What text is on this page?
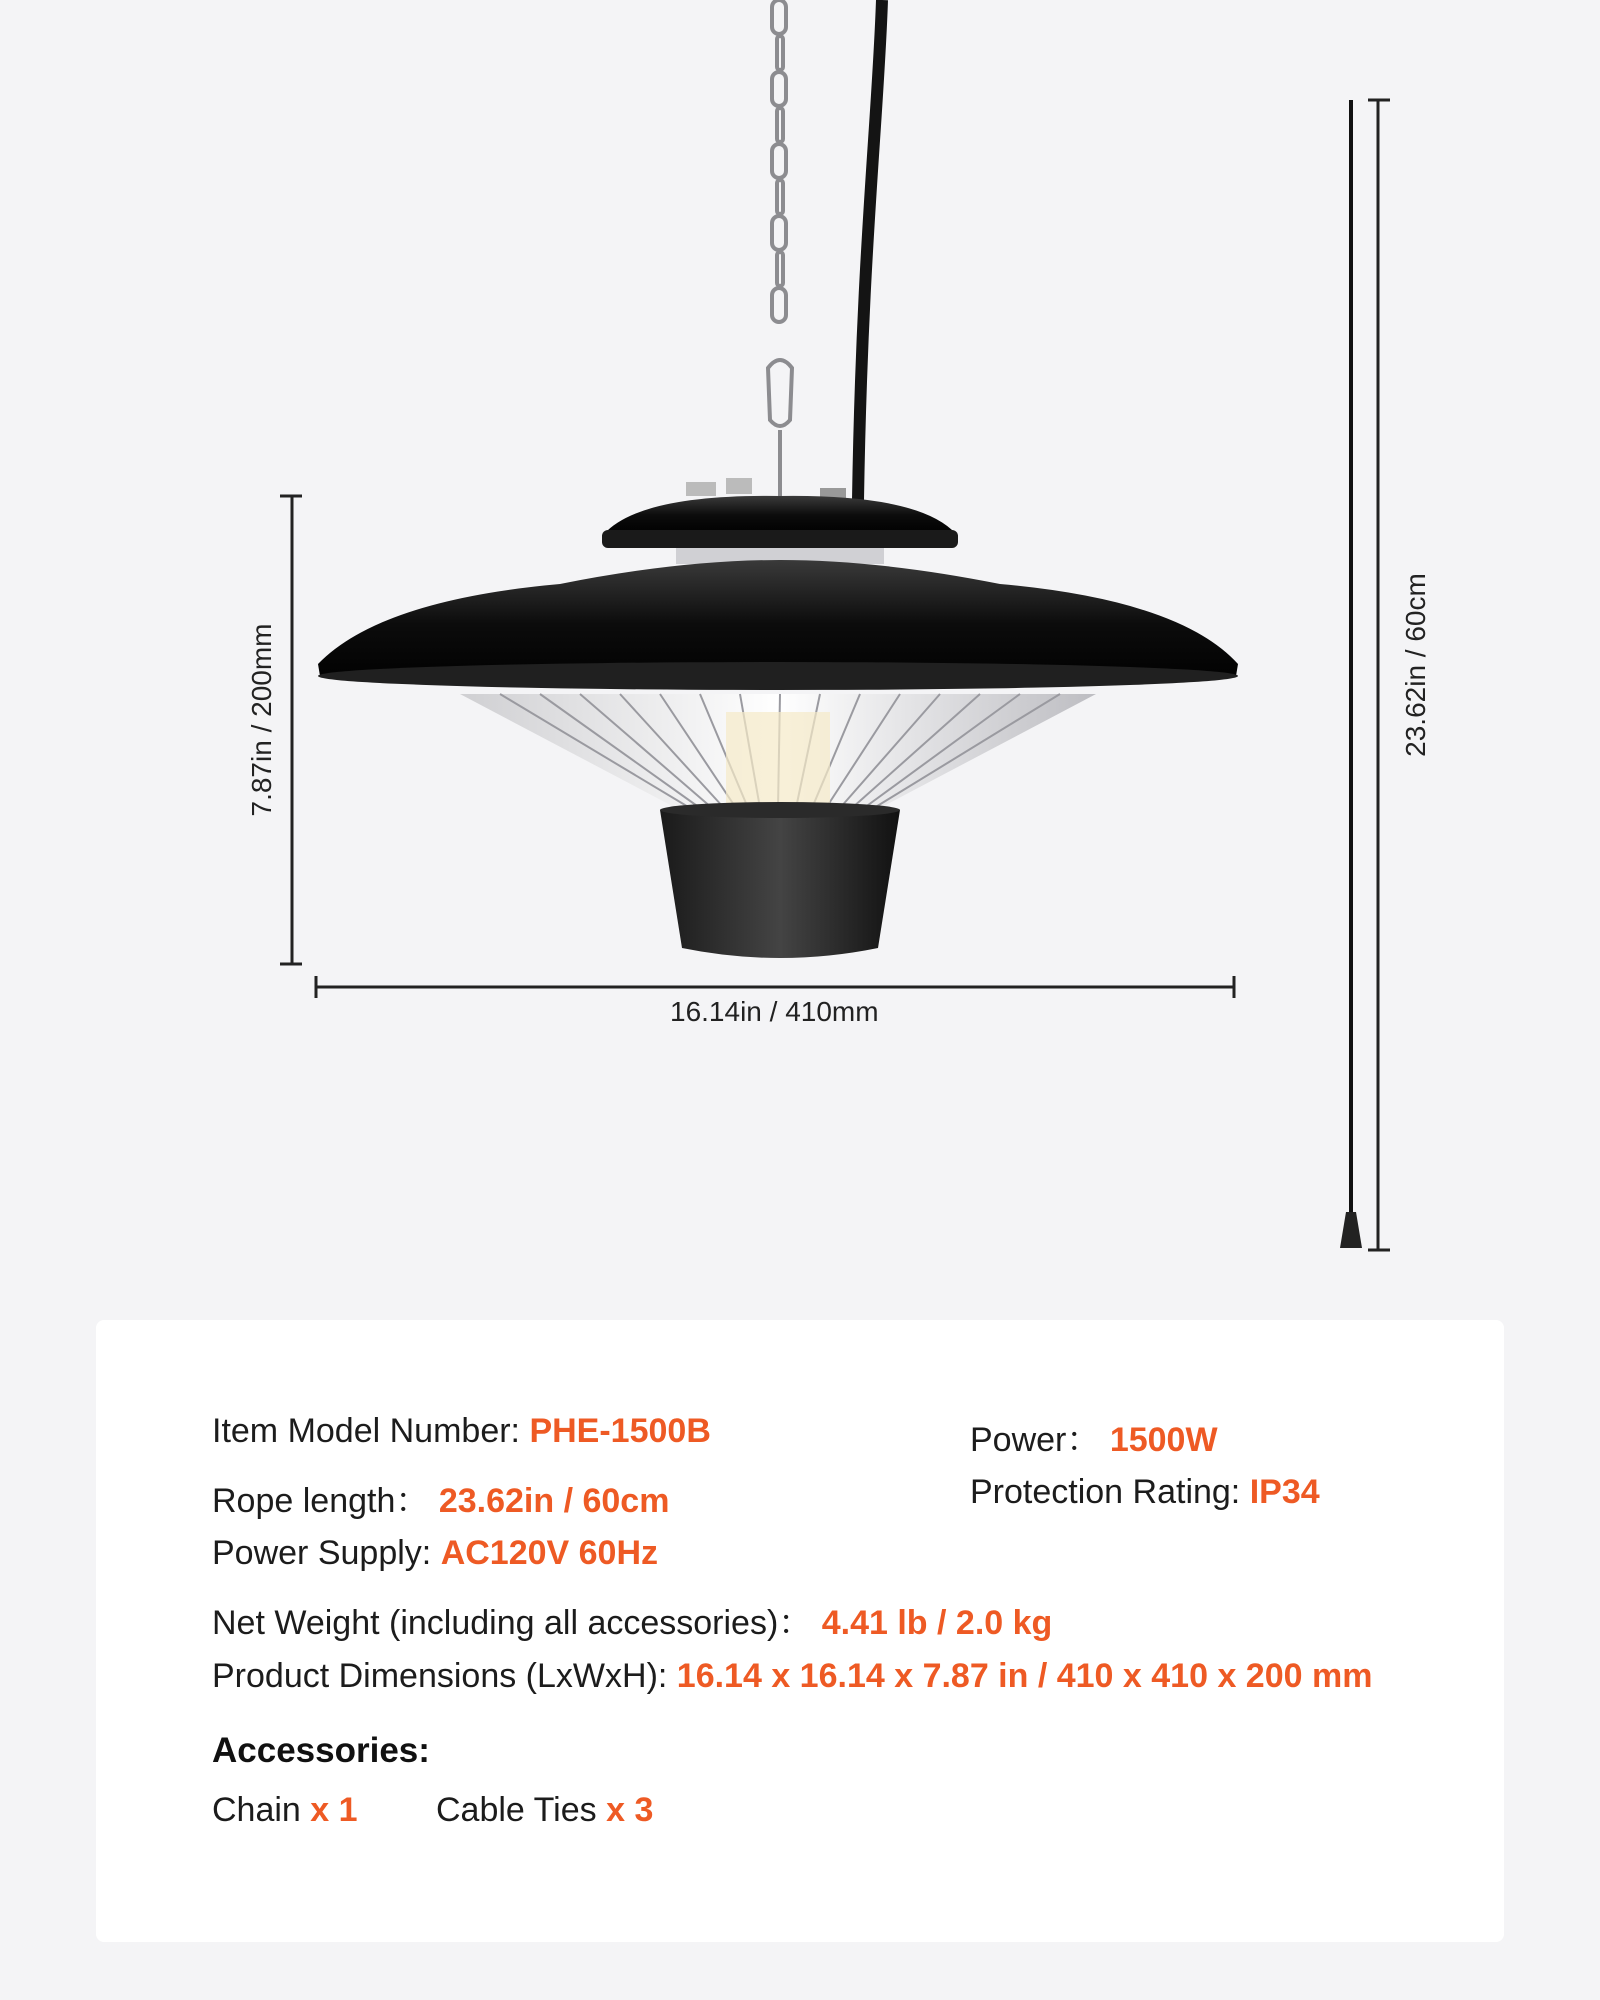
16.14in / 410mm
7.87in / 200mm	23.62in / 60cm
Item Model Number: PHE-1500B	Power： 1500W
Rope length： 23.62in / 60cm	Protection Rating: IP34
Power Supply: AC120V 60Hz
Net Weight (including all accessories)： 4.41 lb / 2.0 kg
Product Dimensions (LxWxH): 16.14 x 16.14 x 7.87 in / 410 x 410 x 200 mm
Accessories:
Chain x 1 Cable Ties x 3
